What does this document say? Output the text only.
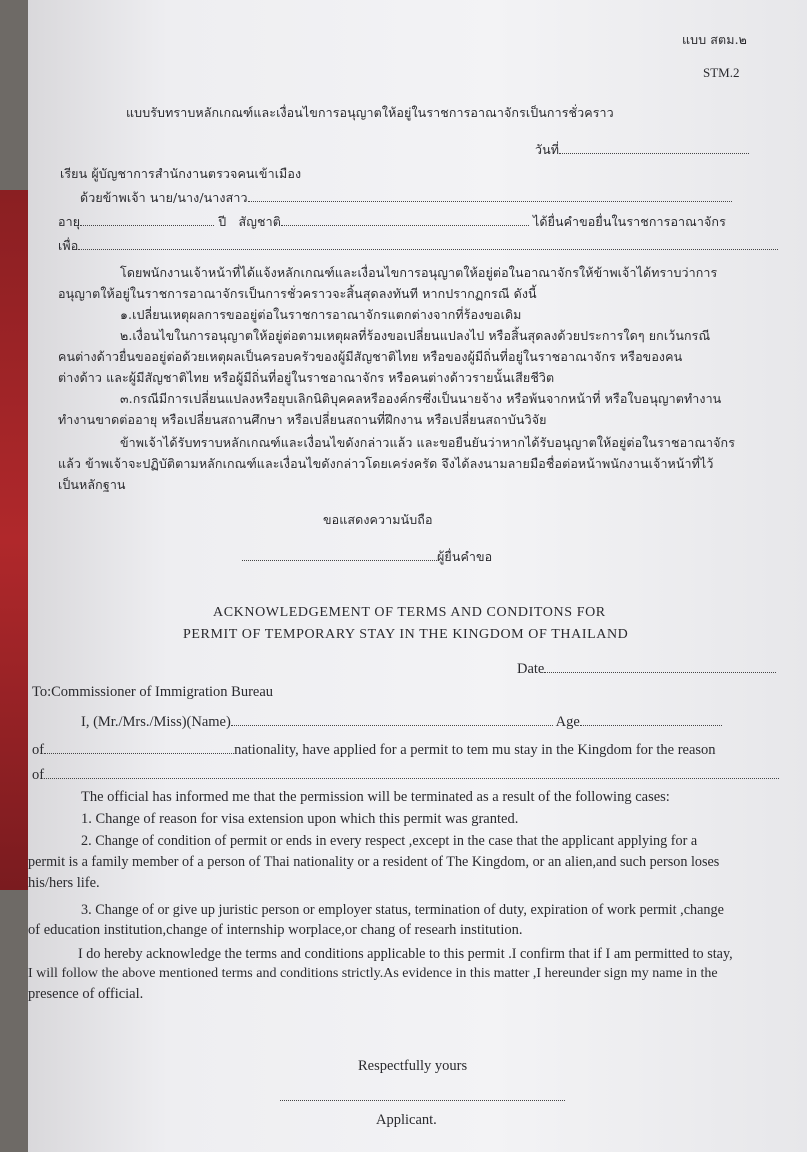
แบบ สตม.๒
STM.2
แบบรับทราบหลักเกณฑ์และเงื่อนไขการอนุญาตให้อยู่ในราชการอาณาจักรเป็นการชั่วคราว
วันที่
เรียน ผู้บัญชาการสำนักงานตรวจคนเข้าเมือง
ด้วยข้าพเจ้า นาย/นาง/นางสาว
อายุ	ปี สัญชาติ	ได้ยื่นคำขอยื่นในราชการอาณาจักร
เพื่อ
โดยพนักงานเจ้าหน้าที่ได้แจ้งหลักเกณฑ์และเงื่อนไขการอนุญาตให้อยู่ต่อในอาณาจักรให้ข้าพเจ้าได้ทราบว่าการ
อนุญาตให้อยู่ในราชการอาณาจักรเป็นการชั่วคราวจะสิ้นสุดลงทันที หากปรากฏกรณี ดังนี้
๑.เปลี่ยนเหตุผลการขออยู่ต่อในราชการอาณาจักรแตกต่างจากที่ร้องขอเดิม
๒.เงื่อนไขในการอนุญาตให้อยู่ต่อตามเหตุผลที่ร้องขอเปลี่ยนแปลงไป หรือสิ้นสุดลงด้วยประการใดๆ ยกเว้นกรณี
คนต่างด้าวยื่นขออยู่ต่อด้วยเหตุผลเป็นครอบครัวของผู้มีสัญชาติไทย หรือของผู้มีถิ่นที่อยู่ในราชอาณาจักร หรือของคน
ต่างด้าว และผู้มีสัญชาติไทย หรือผู้มีถิ่นที่อยู่ในราชอาณาจักร หรือคนต่างด้าวรายนั้นเสียชีวิต
๓.กรณีมีการเปลี่ยนแปลงหรือยุบเลิกนิติบุคคลหรือองค์กรซึ่งเป็นนายจ้าง หรือพ้นจากหน้าที่ หรือใบอนุญาตทำงาน
ทำงานขาดต่ออายุ หรือเปลี่ยนสถานศึกษา หรือเปลี่ยนสถานที่ฝึกงาน หรือเปลี่ยนสถาบันวิจัย
ข้าพเจ้าได้รับทราบหลักเกณฑ์และเงื่อนไขดังกล่าวแล้ว และขอยืนยันว่าหากได้รับอนุญาตให้อยู่ต่อในราชอาณาจักร
แล้ว ข้าพเจ้าจะปฏิบัติตามหลักเกณฑ์และเงื่อนไขดังกล่าวโดยเคร่งครัด จึงได้ลงนามลายมือชื่อต่อหน้าพนักงานเจ้าหน้าที่ไว้
เป็นหลักฐาน
ขอแสดงความนับถือ
ผู้ยื่นคำขอ
ACKNOWLEDGEMENT OF TERMS AND CONDITONS FOR
PERMIT OF TEMPORARY STAY IN THE KINGDOM OF THAILAND
Date
To:Commissioner of Immigration Bureau
I, (Mr./Mrs./Miss)(Name)	Age
of	nationality, have applied for a permit to tem mu stay in the Kingdom for the reason
of
The official has informed me that the permission will be terminated as a result of the following cases:
1. Change of reason for visa extension upon which this permit was granted.
2. Change of condition of permit or ends in every respect ,except in the case that the applicant applying for a
permit is a family member of a person of Thai nationality or a resident of The Kingdom, or an alien,and such person loses
his/hers life.
3. Change of or give up juristic person or employer status, termination of duty, expiration of work permit ,change
of education institution,change of internship worplace,or chang of researh institution.
I do hereby acknowledge the terms and conditions applicable to this permit .I confirm that if I am permitted to stay,
I will follow the above mentioned terms and conditions strictly.As evidence in this matter ,I hereunder sign my name in the
presence of official.
Respectfully yours
Applicant.
